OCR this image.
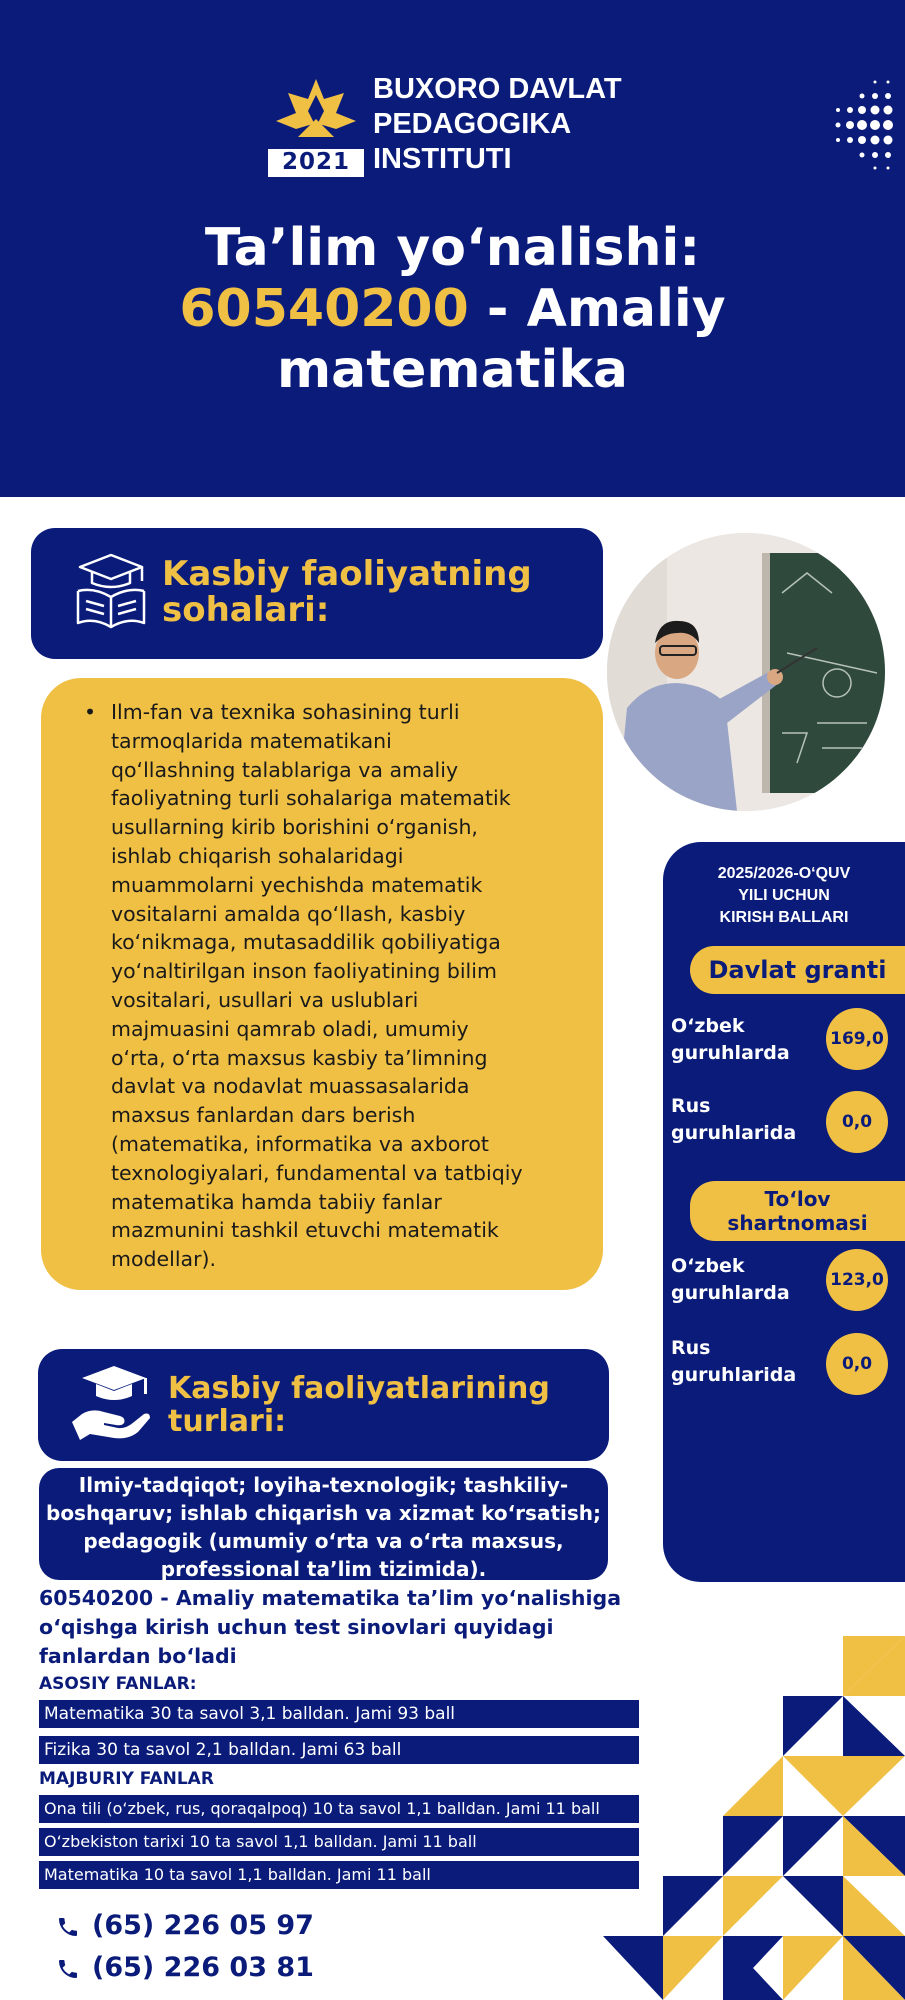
2021
BUXORO DAVLAT
PEDAGOGIKA
INSTITUTI
Ta’lim yo‘nalishi:
60540200 - Amaliy
matematika
Kasbiy faoliyatning
sohalari:
• Ilm-fan va texnika sohasining turli
tarmoqlarida matematikani
qo‘llashning talablariga va amaliy
faoliyatning turli sohalariga matematik
usullarning kirib borishini o‘rganish,
ishlab chiqarish sohalaridagi
muammolarni yechishda matematik
vositalarni amalda qo‘llash, kasbiy
ko‘nikmaga, mutasaddilik qobiliyatiga
yo‘naltirilgan inson faoliyatining bilim
vositalari, usullari va uslublari
majmuasini qamrab oladi, umumiy
o‘rta, o‘rta maxsus kasbiy ta’limning
davlat va nodavlat muassasalarida
maxsus fanlardan dars berish
(matematika, informatika va axborot
texnologiyalari, fundamental va tatbiqiy
matematika hamda tabiiy fanlar
mazmunini tashkil etuvchi matematik
modellar).
2025/2026-O‘QUV
YILI UCHUN
KIRISH BALLARI
Davlat granti
O‘zbek
guruhlarda
169,0
Rus
guruhlarida	0,0
To‘lov
shartnomasi
O‘zbek
guruhlarda
123,0
Rus
guruhlarida	0,0
Kasbiy faoliyatlarining
turlari:
Ilmiy-tadqiqot; loyiha-texnologik; tashkiliy-
boshqaruv; ishlab chiqarish va xizmat ko‘rsatish;
pedagogik (umumiy o‘rta va o‘rta maxsus,
professional ta’lim tizimida).
60540200 - Amaliy matematika ta’lim yo‘nalishiga
o‘qishga kirish uchun test sinovlari quyidagi
fanlardan bo‘ladi
ASOSIY FANLAR:
Matematika 30 ta savol 3,1 balldan. Jami 93 ball
Fizika 30 ta savol 2,1 balldan. Jami 63 ball
MAJBURIY FANLAR
Ona tili (o‘zbek, rus, qoraqalpoq) 10 ta savol 1,1 balldan. Jami 11 ball
O‘zbekiston tarixi 10 ta savol 1,1 balldan. Jami 11 ball
Matematika 10 ta savol 1,1 balldan. Jami 11 ball
(65) 226 05 97
(65) 226 03 81
